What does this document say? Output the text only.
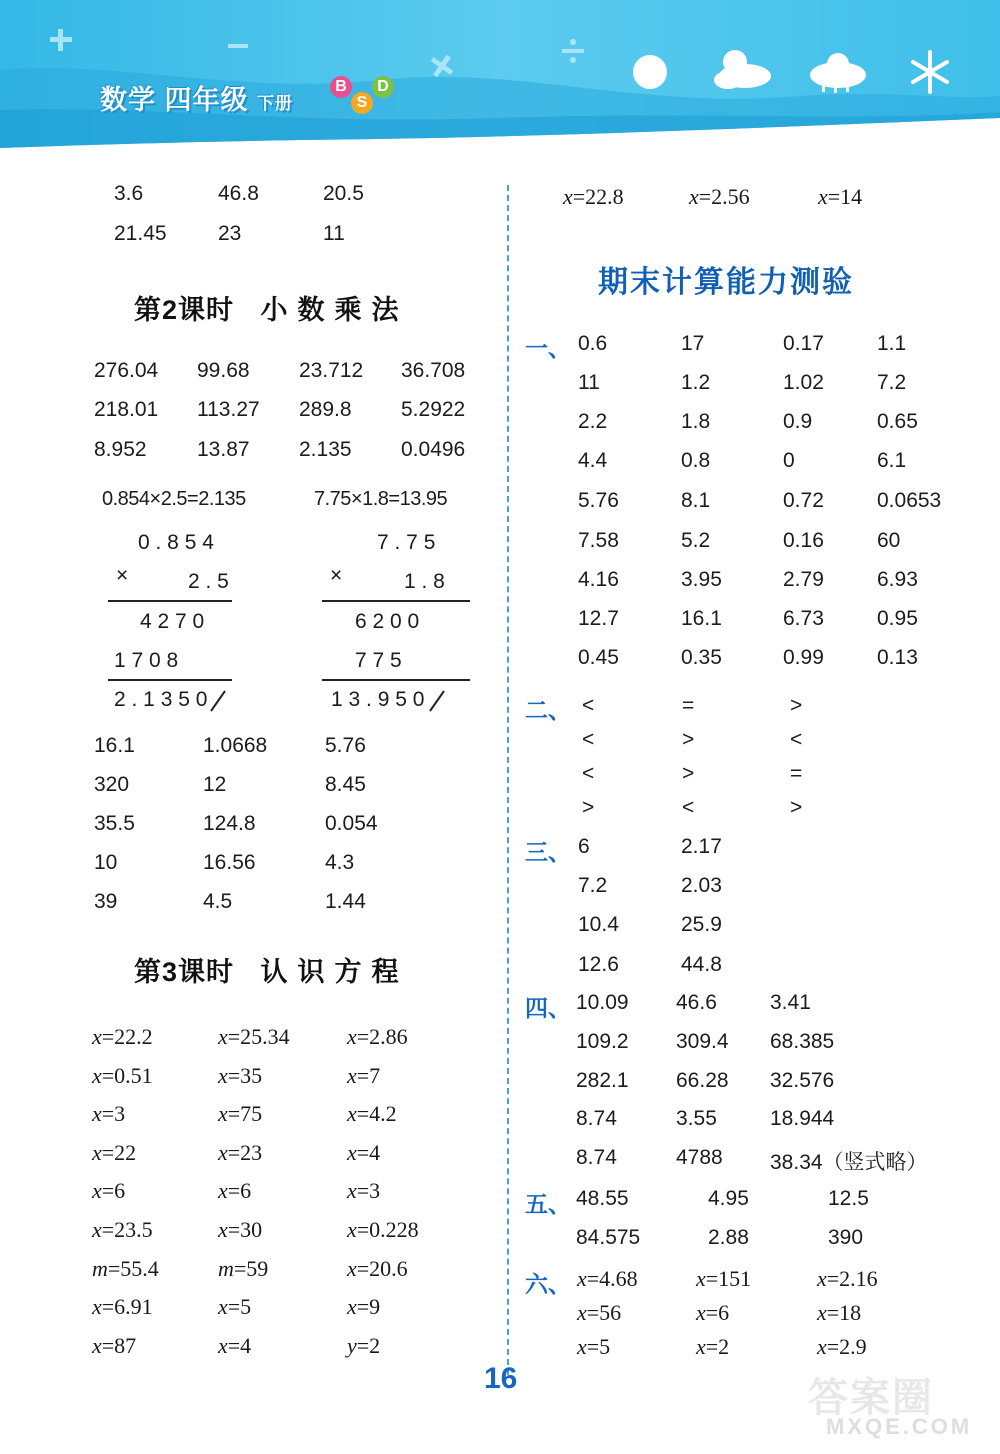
数学 四年级 下册
B
S
D
3.6	46.8	20.5
21.45 23	11
第2课时 小数乘法
276.04 99.68 23.712 36.708
218.01 113.27 289.8 5.2922
8.952 13.87 2.135 0.0496
0.854×2.5=2.135	7.75×1.8=13.95
0 . 8 5 4
×	2 . 5
4 2 7 0
1 7 0 8
2 . 1 3 5 0
7 . 7 5
×	1 . 8
6 2 0 0
7 7 5
1 3 . 9 5 0
16.1	1.0668	5.76
320	12	8.45
35.5	124.8	0.054
10	16.56	4.3
39	4.5	1.44
第3课时 认识方程
x=22.2	x=25.34	x=2.86
x=0.51	x=35	x=7
x=3	x=75	x=4.2
x=22	x=23	x=4
x=6	x=6	x=3
x=23.5	x=30	x=0.228
m=55.4	m=59	x=20.6
x=6.91	x=5	x=9
x=87	x=4	y=2
x=22.8	x=2.56	x=14
期末计算能力测验
一、 0.6	17	0.17	1.1
11	1.2	1.02	7.2
2.2	1.8	0.9	0.65
4.4	0.8	0	6.1
5.76	8.1	0.72	0.0653
7.58	5.2	0.16	60
4.16	3.95	2.79	6.93
12.7	16.1	6.73	0.95
0.45	0.35	0.99	0.13
二、 <	=	>
<	>	<
<	>	=
>	<	>
三、 6	2.17
7.2	2.03
10.4	25.9
12.6	44.8
四、 10.09 46.6	3.41
109.2 309.4 68.385
282.1 66.28 32.576
8.74	3.55	18.944
8.74	4788 38.34（竖式略）
五、 48.55	4.95	12.5
84.575	2.88	390
六、 x=4.68	x=151	x=2.16
x=56	x=6	x=18
x=5	x=2	x=2.9
16	答案圈
MXQE.COM
